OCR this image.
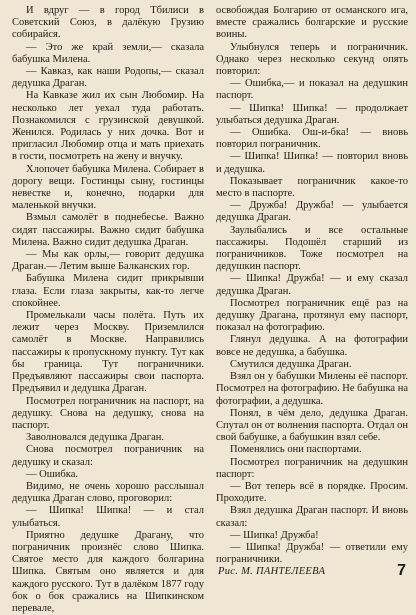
И вдруг — в город Тбилиси в Советский Союз, в далёкую Грузию собирайся.

— Это же край земли,— сказала бабушка Милена.

— Кавказ, как наши Родопы,— сказал дедушка Драган.

На Кавказе жил их сын Любомир. На несколько лет уехал туда работать. Познакомился с грузинской девушкой. Женился. Родилась у них дочка. Вот и пригласил Любомир отца и мать приехать в гости, посмотреть на жену и внучку.

Хлопочет бабушка Милена. Собирает в дорогу вещи. Гостинцы сыну, гостинцы невестке и, конечно, подарки для маленькой внучки.

Взмыл самолёт в поднебесье. Важно сидят пассажиры. Важно сидит бабушка Милена. Важно сидит дедушка Драган.

— Мы как орлы,— говорит дедушка Драган.— Летим выше Балканских гор.

Бабушка Милена сидит прикрывши глаза. Если глаза закрыты, как-то легче спокойнее.

Промелькали часы полёта. Путь их лежит через Москву. Приземлился самолёт в Москве. Направились пассажиры к пропускному пункту. Тут как бы граница. Тут пограничники. Предъявляют пассажиры свои паспорта. Предъявил и дедушка Драган.

Посмотрел пограничник на паспорт, на дедушку. Снова на дедушку, снова на паспорт.

Заволновался дедушка Драган.

Снова посмотрел пограничник на дедушку и сказал:

— Ошибка.

Видимо, не очень хорошо расслышал дедушка Драган слово, проговорил:

— Шипка! Шипка! — и стал улыбаться.

Приятно дедушке Драгану, что пограничник произнёс слово Шипка. Святое место для каждого болгарина Шипка. Святым оно является и для каждого русского. Тут в далёком 1877 году бок о бок сражались на Шипкинском перевале,

освобождая Болгарию от османского ига, вместе сражались болгарские и русские воины.

Улыбнулся теперь и пограничник. Однако через несколько секунд опять повторил:

— Ошибка,— и показал на дедушкин паспорт.

— Шипка! Шипка! — продолжает улыбаться дедушка Драган.

— Ошибка. Ош-и-бка! — вновь повторил пограничник.

— Шипка! Шипка! — повторил вновь и дедушка.

Показывает пограничник какое-то место в паспорте.

— Дружба! Дружба! — улыбается дедушка Драган.

Заулыбались и все остальные пассажиры. Подошёл старший из пограничников. Тоже посмотрел на дедушкин паспорт.

— Шипка! Дружба! — и ему сказал дедушка Драган.

Посмотрел пограничник ещё раз на дедушку Драгана, протянул ему паспорт, показал на фотографию.

Глянул дедушка. А на фотографии вовсе не дедушка, а бабушка.

Смутился дедушка Драган.

Взял он у бабушки Милены её паспорт. Посмотрел на фотографию. Не бабушка на фотографии, а дедушка.

Понял, в чём дело, дедушка Драган. Спутал он от волнения паспорта. Отдал он свой бабушке, а бабушкин взял себе.

Поменялись они паспортами.

Посмотрел пограничник на дедушкин паспорт:

— Вот теперь всё в порядке. Просим. Проходите.

Взял дедушка Драган паспорт. И вновь сказал:

— Шипка! Дружба!

— Шипка! Дружба! — ответили ему пограничники.

Рис. М. ПАНТЕЛЕЕВА	7
